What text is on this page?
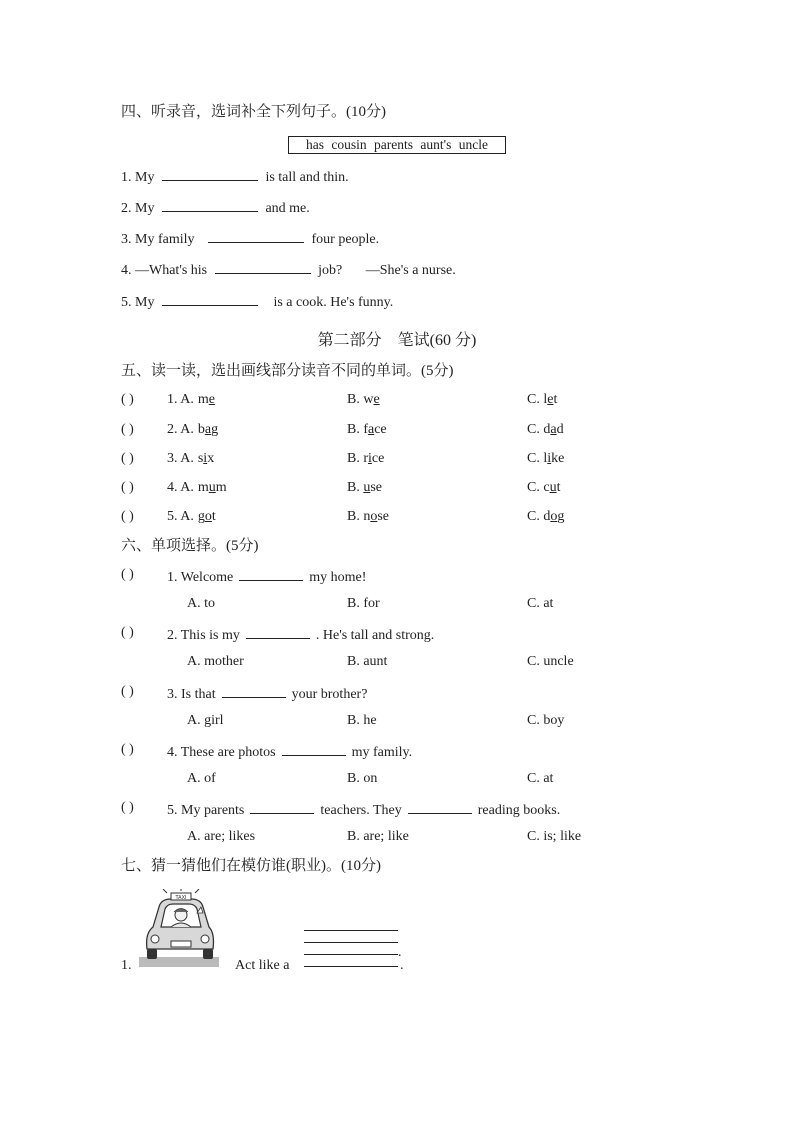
四、听录音，选词补全下列句子。(10分)
has cousin parents aunt's uncle
1. My	is tall and thin.
2. My	and me.
3. My family	four people.
4. —What's his	job? —She's a nurse.
5. My	is a cook. He's funny.
第二部分 笔试(60 分)
五、读一读，选出画线部分读音不同的单词。(5分)
( ) 1. A. me	B. we	C. let
( ) 2. A. bag	B. face	C. dad
( ) 3. A. six	B. rice	C. like
( ) 4. A. mum	B. use	C. cut
( ) 5. A. got	B. nose	C. dog
六、单项选择。(5分)
( ) 1. Welcome	my home!
A. to	B. for	C. at
( ) 2. This is my	. He's tall and strong.
A. mother	B. aunt	C. uncle
( ) 3. Is that	your brother?
A. girl	B. he	C. boy
( ) 4. These are photos	my family.
A. of	B. on	C. at
( ) 5. My parents	teachers. They	reading books.
A. are; likes	B. are; like	C. is; like
七、猜一猜他们在模仿谁(职业)。(10分)
1.
TAXI
Act like a
.
.
